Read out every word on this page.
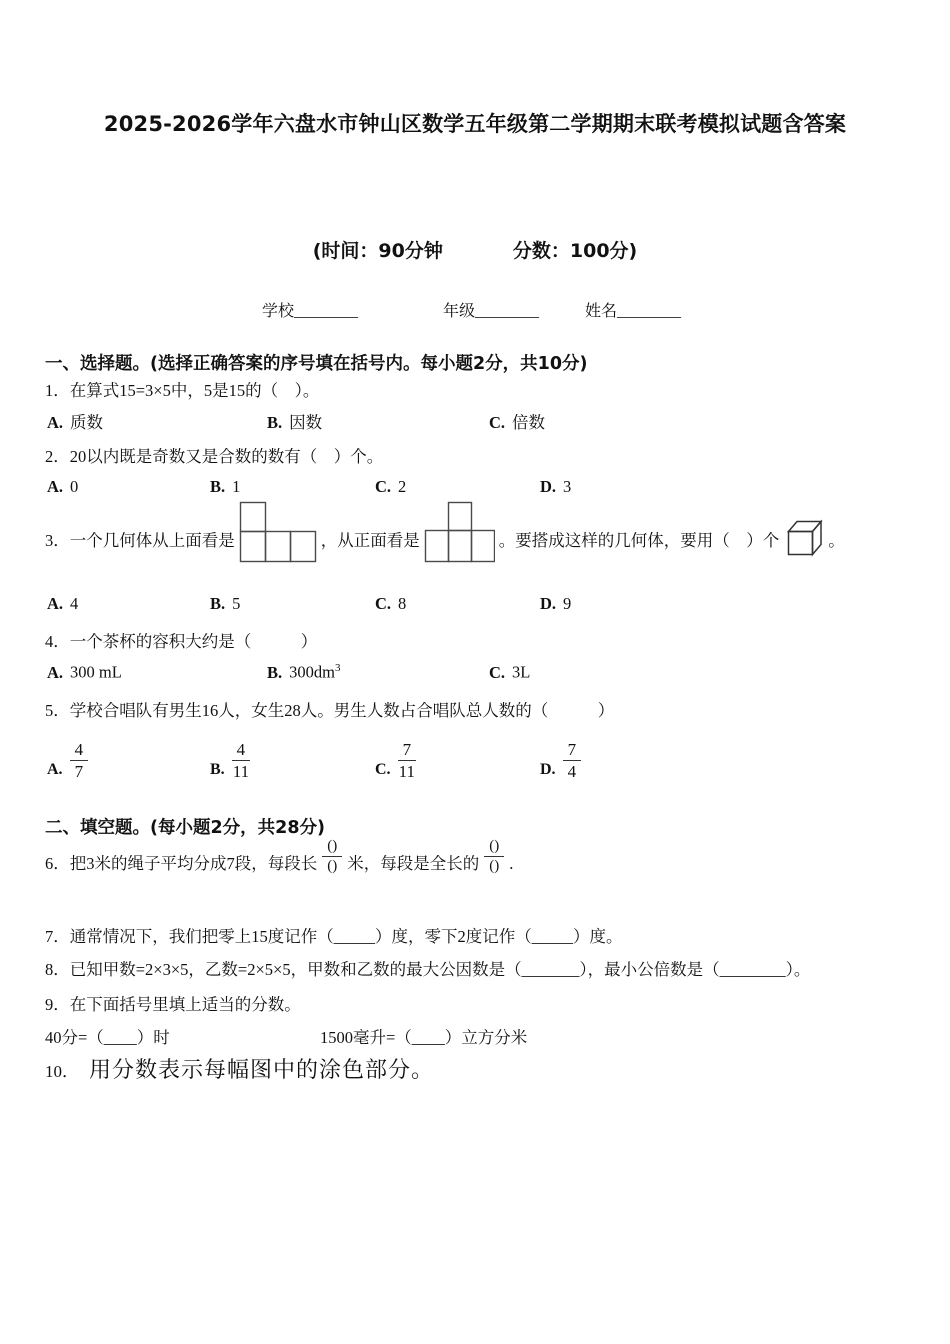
2025-2026学年六盘水市钟山区数学五年级第二学期期末联考模拟试题含答案
(时间：90分钟	分数：100分)
学校________	年级________	姓名________
一、选择题。(选择正确答案的序号填在括号内。每小题2分，共10分)
1．在算式15=3×5中，5是15的（　）。
A. 质数	B. 因数	C. 倍数
2．20以内既是奇数又是合数的数有（　）个。
A. 0	B. 1	C. 2	D. 3
3．一个几何体从上面看是	，从正面看是	。要搭成这样的几何体，要用（　）个	。
A. 4	B. 5	C. 8	D. 9
4．一个茶杯的容积大约是（　　　）
A. 300 mL	B. $300dm^3$	C. 3L
5．学校合唱队有男生16人，女生28人。男生人数占合唱队总人数的（　　　）
A. $\frac{4}{7}$	B. $\frac{4}{11}$	C. $\frac{7}{11}$	D. $\frac{7}{4}$
二、填空题。(每小题2分，共28分)
6．把3米的绳子平均分成7段，每段长 $\frac{()}{()}$ 米，每段是全长的 $\frac{()}{()}$ .
7．通常情况下，我们把零上15度记作（_____）度，零下2度记作（_____）度。
8．已知甲数=2×3×5，乙数=2×5×5，甲数和乙数的最大公因数是（_______），最小公倍数是（________）。
9．在下面括号里填上适当的分数。
40分=（____）时	1500毫升=（____）立方分米
10． 用分数表示每幅图中的涂色部分。
